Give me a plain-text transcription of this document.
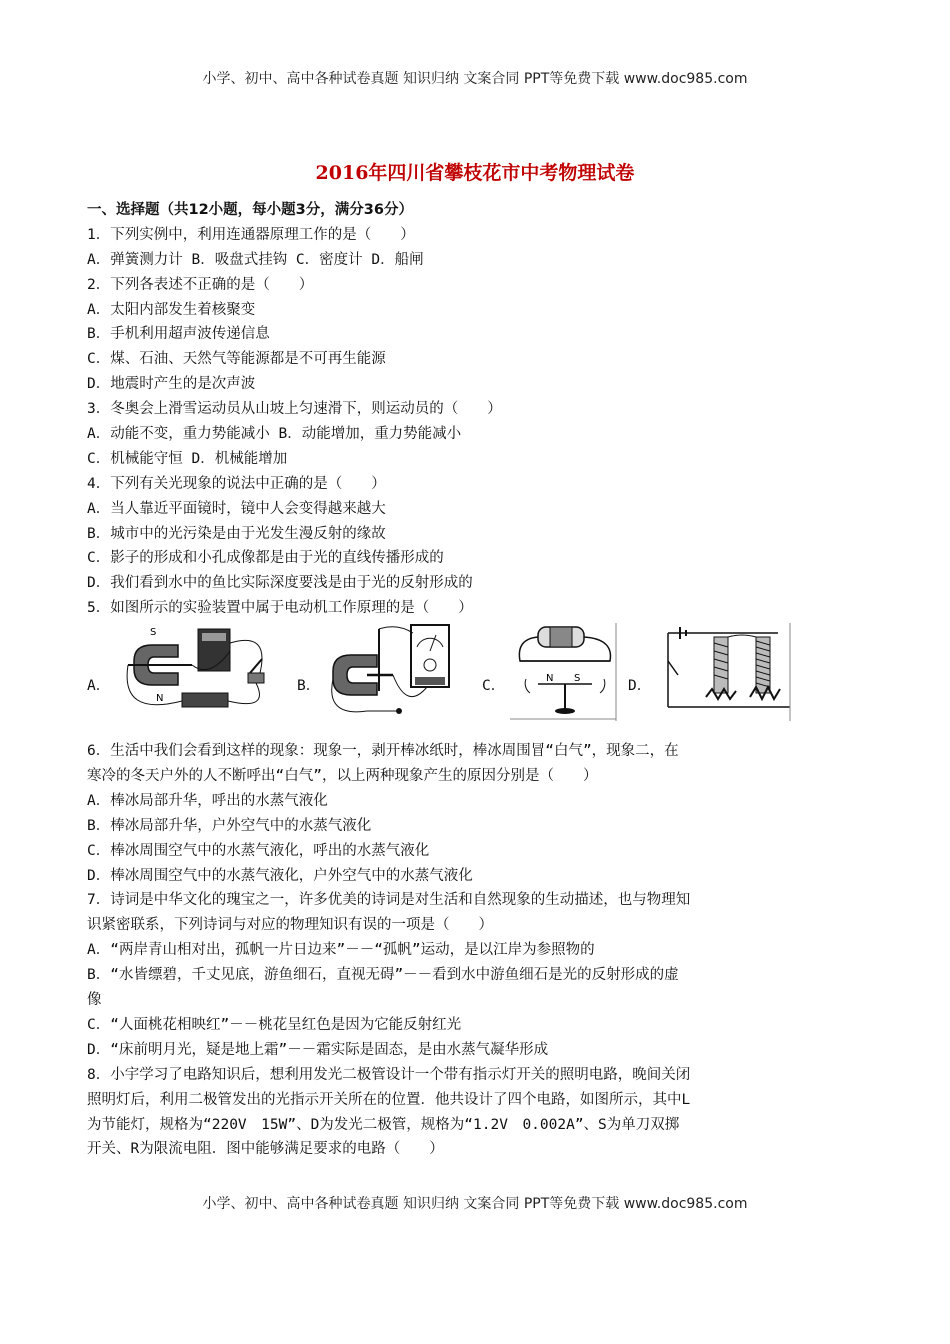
小学、初中、高中各种试卷真题 知识归纳 文案合同 PPT等免费下载 www.doc985.com
2016年四川省攀枝花市中考物理试卷
一、选择题（共12小题，每小题3分，满分36分）
1．下列实例中，利用连通器原理工作的是（　　）
A．弹簧测力计 B．吸盘式挂钩 C．密度计 D．船闸
2．下列各表述不正确的是（　　）
A．太阳内部发生着核聚变
B．手机利用超声波传递信息
C．煤、石油、天然气等能源都是不可再生能源
D．地震时产生的是次声波
3．冬奥会上滑雪运动员从山坡上匀速滑下，则运动员的（　　）
A．动能不变，重力势能减小 B．动能增加，重力势能减小
C．机械能守恒 D．机械能增加
4．下列有关光现象的说法中正确的是（　　）
A．当人靠近平面镜时，镜中人会变得越来越大
B．城市中的光污染是由于光发生漫反射的缘故
C．影子的形成和小孔成像都是由于光的直线传播形成的
D．我们看到水中的鱼比实际深度要浅是由于光的反射形成的
5．如图所示的实验装置中属于电动机工作原理的是（　　）
A．
S
N
B．	C．	N S	D．
6．生活中我们会看到这样的现象：现象一，剥开棒冰纸时，棒冰周围冒“白气”，现象二，在
寒冷的冬天户外的人不断呼出“白气”，以上两种现象产生的原因分别是（　　）
A．棒冰局部升华，呼出的水蒸气液化
B．棒冰局部升华，户外空气中的水蒸气液化
C．棒冰周围空气中的水蒸气液化，呼出的水蒸气液化
D．棒冰周围空气中的水蒸气液化，户外空气中的水蒸气液化
7．诗词是中华文化的瑰宝之一，许多优美的诗词是对生活和自然现象的生动描述，也与物理知
识紧密联系，下列诗词与对应的物理知识有误的一项是（　　）
A．“两岸青山相对出，孤帆一片日边来”－－“孤帆”运动，是以江岸为参照物的
B．“水皆缥碧，千丈见底，游鱼细石，直视无碍”－－看到水中游鱼细石是光的反射形成的虚
像
C．“人面桃花相映红”－－桃花呈红色是因为它能反射红光
D．“床前明月光，疑是地上霜”－－霜实际是固态，是由水蒸气凝华形成
8．小宇学习了电路知识后，想利用发光二极管设计一个带有指示灯开关的照明电路，晚间关闭
照明灯后，利用二极管发出的光指示开关所在的位置．他共设计了四个电路，如图所示，其中L
为节能灯，规格为“220V　15W”、D为发光二极管，规格为“1.2V　0.002A”、S为单刀双掷
开关、R为限流电阻．图中能够满足要求的电路（　　）
小学、初中、高中各种试卷真题 知识归纳 文案合同 PPT等免费下载 www.doc985.com
